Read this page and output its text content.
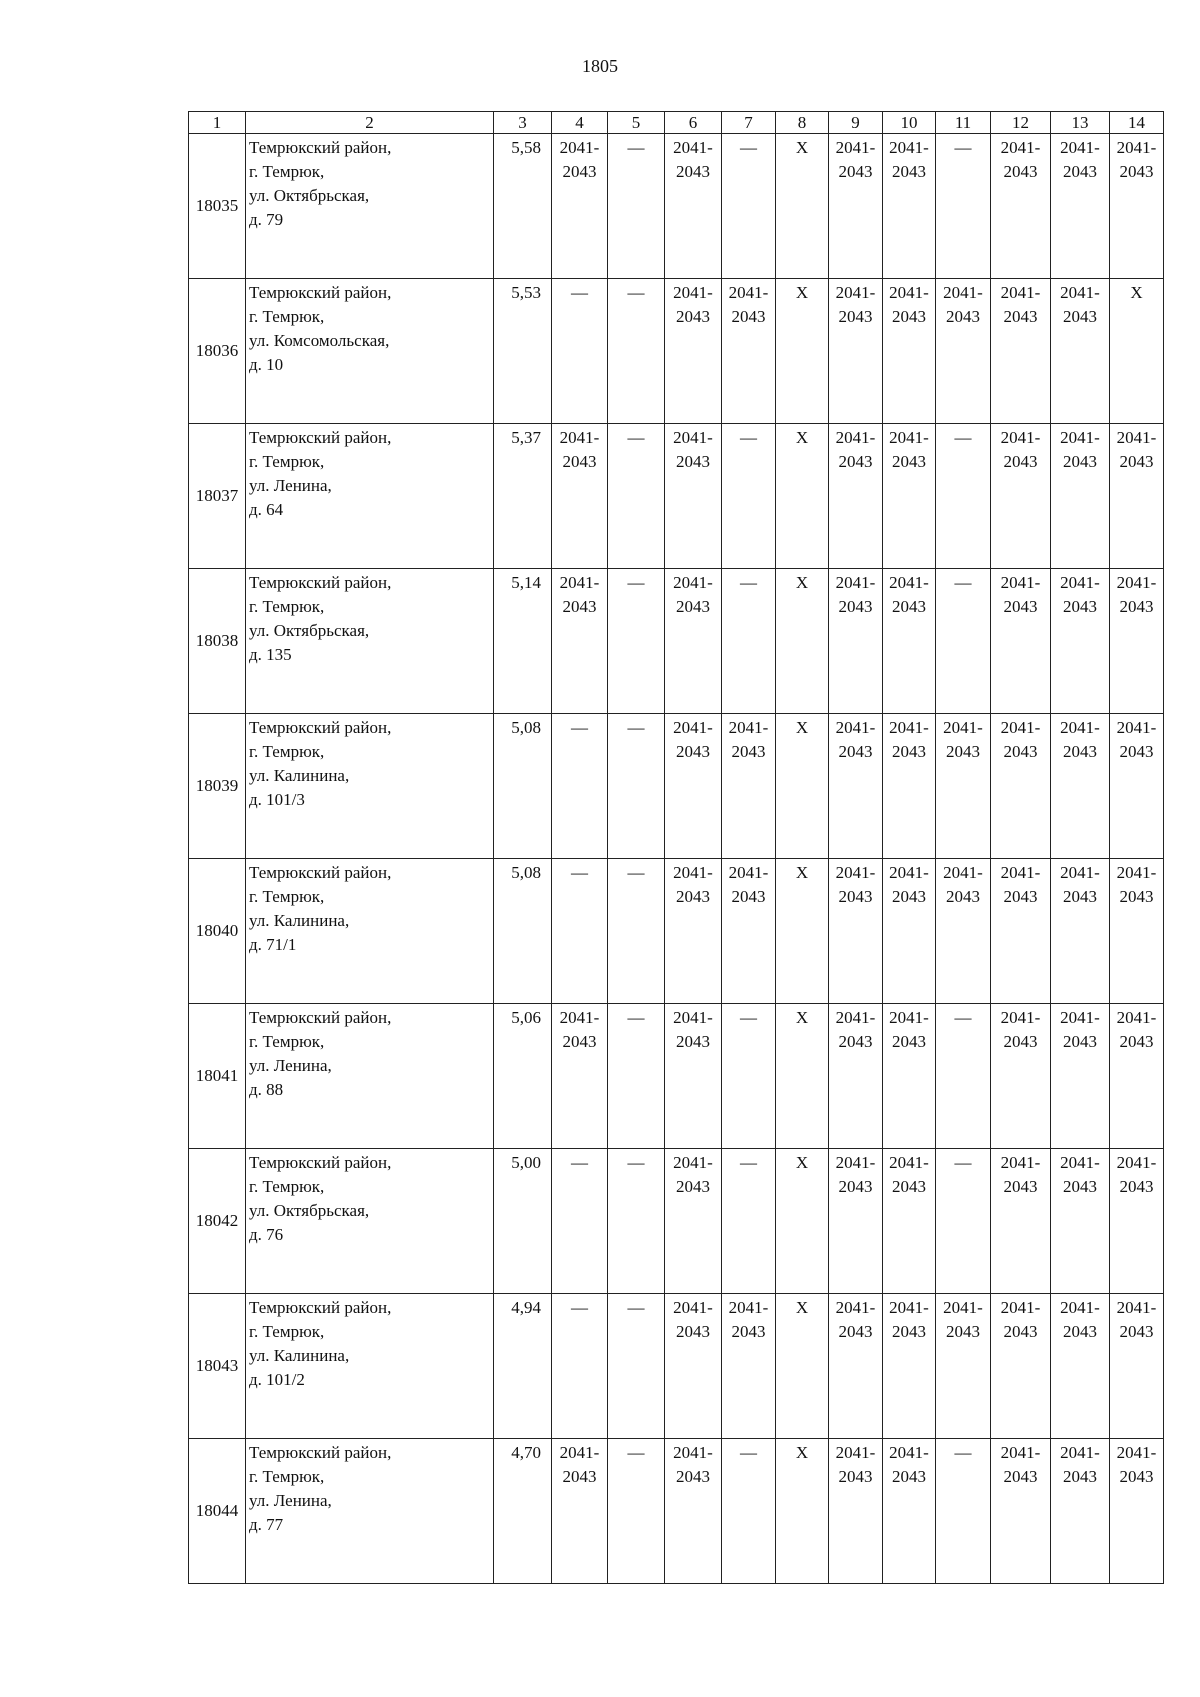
1805
1	2	3	4	5	6	7	8	9	10	11	12	13	14
18035	Темрюкский район,
г. Темрюк,
ул. Октябрьская,
д. 79	5,58	2041-
2043	—	2041-
2043	—	X	2041-
2043	2041-
2043	—	2041-
2043	2041-
2043	2041-
2043

18036	Темрюкский район,
г. Темрюк,
ул. Комсомольская,
д. 10	5,53	—	—	2041-
2043	2041-
2043	X	2041-
2043	2041-
2043	2041-
2043	2041-
2043	2041-
2043	X

18037	Темрюкский район,
г. Темрюк,
ул. Ленина,
д. 64	5,37	2041-
2043	—	2041-
2043	—	X	2041-
2043	2041-
2043	—	2041-
2043	2041-
2043	2041-
2043

18038	Темрюкский район,
г. Темрюк,
ул. Октябрьская,
д. 135	5,14	2041-
2043	—	2041-
2043	—	X	2041-
2043	2041-
2043	—	2041-
2043	2041-
2043	2041-
2043

18039	Темрюкский район,
г. Темрюк,
ул. Калинина,
д. 101/3	5,08	—	—	2041-
2043	2041-
2043	X	2041-
2043	2041-
2043	2041-
2043	2041-
2043	2041-
2043	2041-
2043

18040	Темрюкский район,
г. Темрюк,
ул. Калинина,
д. 71/1	5,08	—	—	2041-
2043	2041-
2043	X	2041-
2043	2041-
2043	2041-
2043	2041-
2043	2041-
2043	2041-
2043

18041	Темрюкский район,
г. Темрюк,
ул. Ленина,
д. 88	5,06	2041-
2043	—	2041-
2043	—	X	2041-
2043	2041-
2043	—	2041-
2043	2041-
2043	2041-
2043

18042	Темрюкский район,
г. Темрюк,
ул. Октябрьская,
д. 76	5,00	—	—	2041-
2043	—	X	2041-
2043	2041-
2043	—	2041-
2043	2041-
2043	2041-
2043

18043	Темрюкский район,
г. Темрюк,
ул. Калинина,
д. 101/2	4,94	—	—	2041-
2043	2041-
2043	X	2041-
2043	2041-
2043	2041-
2043	2041-
2043	2041-
2043	2041-
2043

18044	Темрюкский район,
г. Темрюк,
ул. Ленина,
д. 77	4,70	2041-
2043	—	2041-
2043	—	X	2041-
2043	2041-
2043	—	2041-
2043	2041-
2043	2041-
2043
